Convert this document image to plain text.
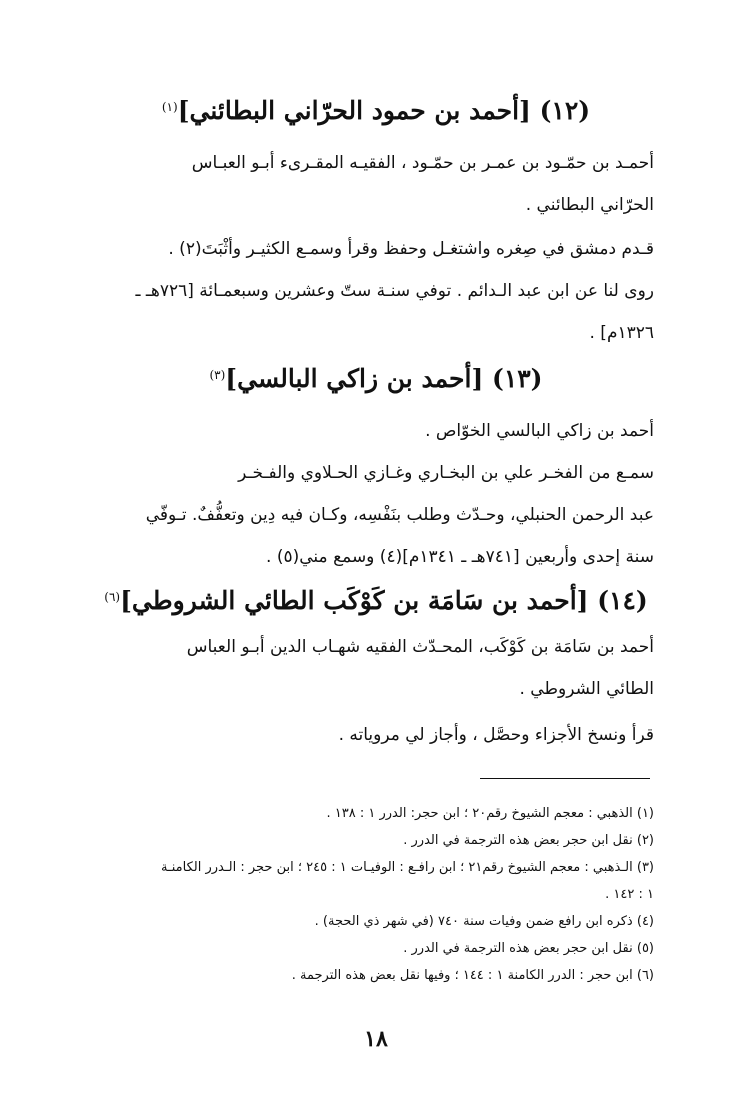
(١٢) [أحمد بن حمود الحرّاني البطائني]$^{(١)}$
أحمـد بن حمّـود بن عمـر بن حمّـود ، الفقيـه المقـرىء أبـو العبـاس
الحرّاني البطائني .
قـدم دمشق في صِغره واشتغـل وحفظ وقرأ وسمـع الكثيـر وأثْبَتَ(٢) .
روى لنا عن ابن عبد الـدائم . توفي سنـة ستّ وعشرين وسبعمـائة [٧٢٦هـ ـ
١٣٢٦م] .
(١٣) [أحمد بن زاكي البالسي]$^{(٣)}$
أحمد بن زاكي البالسي الخوّاص .
سمـع من الفخـر علي بن البخـاري وغـازي الحـلاوي والفـخـر
عبد الرحمن الحنبلي، وحـدّث وطلب بنَفْسِه، وكـان فيه دِين وتعفُّفٌ. تـوفّي
سنة إحدى وأربعين [٧٤١هـ ـ ١٣٤١م](٤) وسمع مني(٥) .
(١٤) [أحمد بن سَامَة بن كَوْكَب الطائي الشروطي]$^{(٦)}$
أحمد بن سَامَة بن كَوْكَب، المحـدّث الفقيه شهـاب الدين أبـو العباس
الطائي الشروطي .
قرأ ونسخ الأجزاء وحصَّل ، وأجاز لي مروياته .
(١) الذهبي : معجم الشيوخ رقم٢٠ ؛ ابن حجر: الدرر ١ : ١٣٨ .
(٢) نقل ابن حجر بعض هذه الترجمة في الدرر .
(٣) الـذهبي : معجم الشيوخ رقم٢١ ؛ ابن رافـع : الوفيـات ١ : ٢٤٥ ؛ ابن حجر : الـدرر الكامنـة
١ : ١٤٢ .
(٤) ذكره ابن رافع ضمن وفيات سنة ٧٤٠ (في شهر ذي الحجة) .
(٥) نقل ابن حجر بعض هذه الترجمة في الدرر .
(٦) ابن حجر : الدرر الكامنة ١ : ١٤٤ ؛ وفيها نقل بعض هذه الترجمة .
١٨
